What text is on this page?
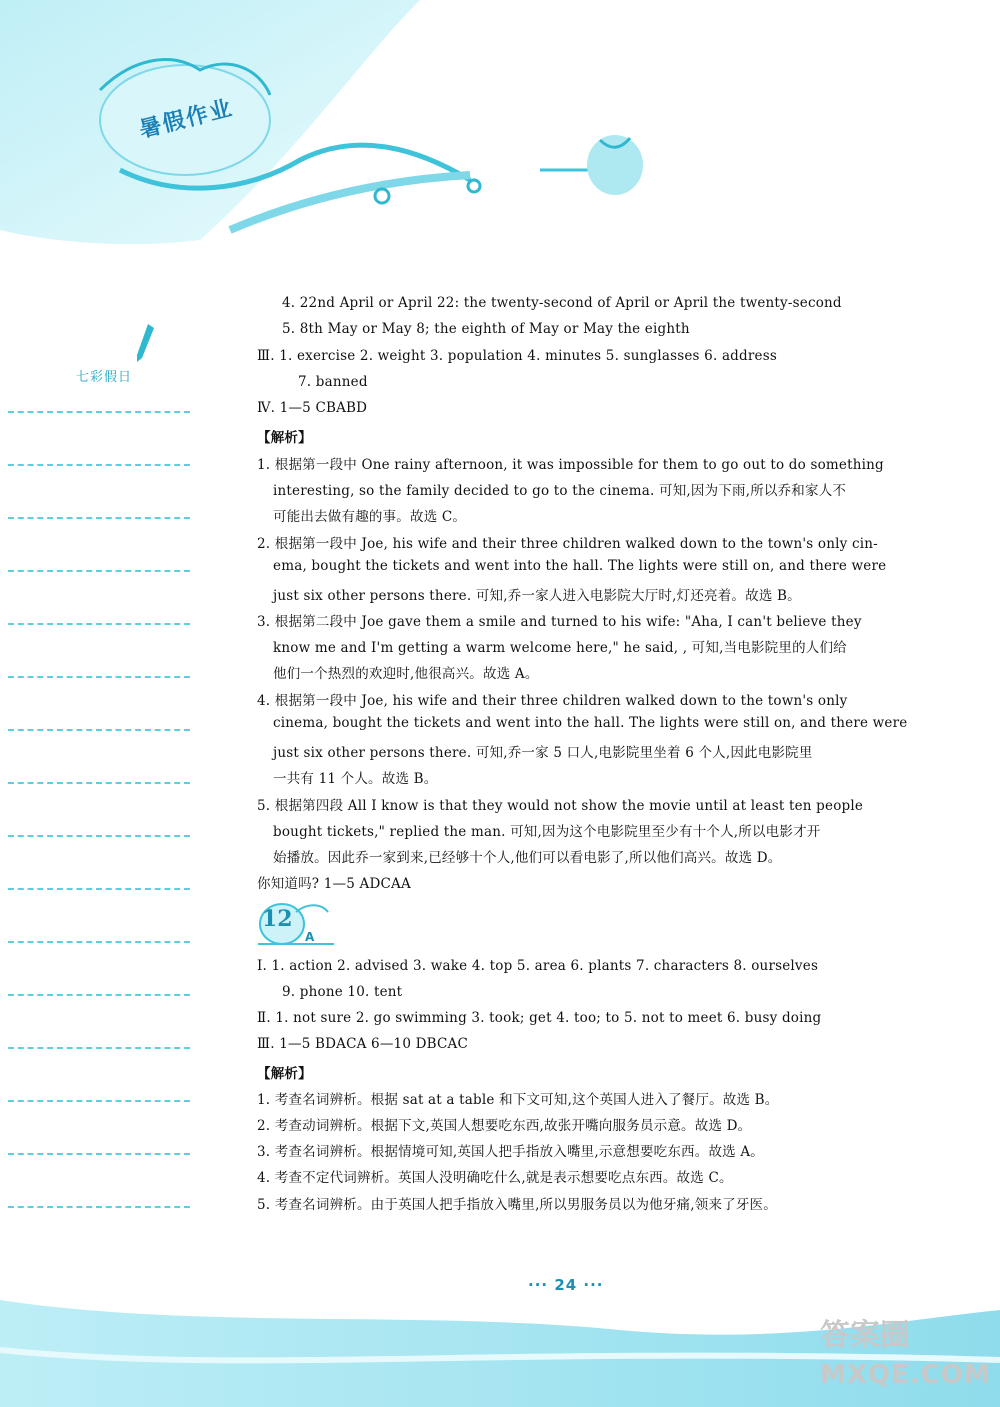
暑假作业
七彩假日
4. 22nd April or April 22: the twenty-second of April or April the twenty-second
5. 8th May or May 8; the eighth of May or May the eighth
Ⅲ. 1. exercise 2. weight 3. population 4. minutes 5. sunglasses 6. address
7. banned
Ⅳ. 1—5 CBABD
【解析】
1. 根据第一段中 One rainy afternoon, it was impossible for them to go out to do something
interesting, so the family decided to go to the cinema. 可知,因为下雨,所以乔和家人不
可能出去做有趣的事。故选 C。
2. 根据第一段中 Joe, his wife and their three children walked down to the town's only cin-
ema, bought the tickets and went into the hall. The lights were still on, and there were
just six other persons there. 可知,乔一家人进入电影院大厅时,灯还亮着。故选 B。
3. 根据第二段中 Joe gave them a smile and turned to his wife: "Aha, I can't believe they
know me and I'm getting a warm welcome here," he said, , 可知,当电影院里的人们给
他们一个热烈的欢迎时,他很高兴。故选 A。
4. 根据第一段中 Joe, his wife and their three children walked down to the town's only
cinema, bought the tickets and went into the hall. The lights were still on, and there were
just six other persons there. 可知,乔一家 5 口人,电影院里坐着 6 个人,因此电影院里
一共有 11 个人。故选 B。
5. 根据第四段 All I know is that they would not show the movie until at least ten people
bought tickets," replied the man. 可知,因为这个电影院里至少有十个人,所以电影才开
始播放。因此乔一家到来,已经够十个人,他们可以看电影了,所以他们高兴。故选 D。
你知道吗? 1—5 ADCAA
12
A
Ⅰ. 1. action 2. advised 3. wake 4. top 5. area 6. plants 7. characters 8. ourselves
9. phone 10. tent
Ⅱ. 1. not sure 2. go swimming 3. took; get 4. too; to 5. not to meet 6. busy doing
Ⅲ. 1—5 BDACA 6—10 DBCAC
【解析】
1. 考查名词辨析。根据 sat at a table 和下文可知,这个英国人进入了餐厅。故选 B。
2. 考查动词辨析。根据下文,英国人想要吃东西,故张开嘴向服务员示意。故选 D。
3. 考查名词辨析。根据情境可知,英国人把手指放入嘴里,示意想要吃东西。故选 A。
4. 考查不定代词辨析。英国人没明确吃什么,就是表示想要吃点东西。故选 C。
5. 考查名词辨析。由于英国人把手指放入嘴里,所以男服务员以为他牙痛,领来了牙医。
··· 24 ···
答案圈
MXQE.COM
